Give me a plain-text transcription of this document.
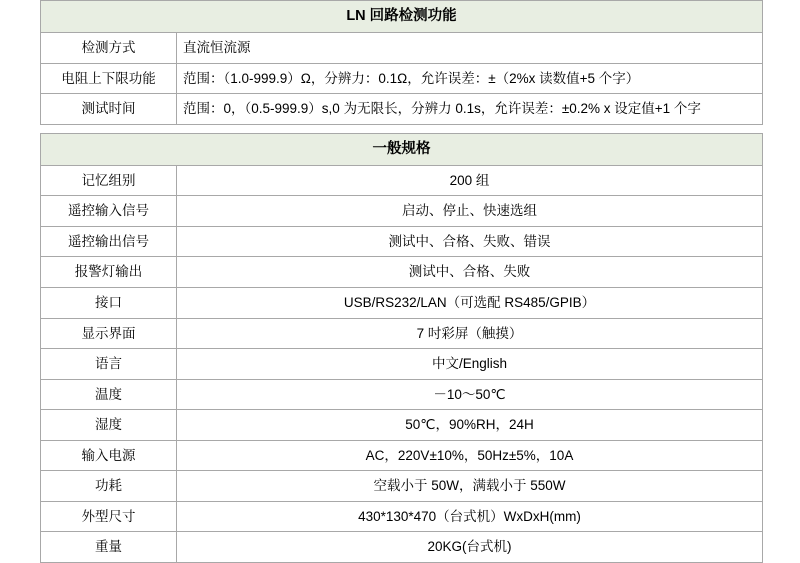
LN 回路检测功能	
检测方式	直流恒流源
电阻上下限功能	范围：（1.0-999.9）Ω，分辨力：0.1Ω，允许误差：±（2%x 读数值+5 个字）
测试时间	范围：0，（0.5-999.9）s,0 为无限长，分辨力 0.1s，允许误差：±0.2% x 设定值+1 个字
一般规格	
记忆组别	200 组
遥控输入信号	启动、停止、快速选组
遥控输出信号	测试中、合格、失败、错误
报警灯输出	测试中、合格、失败
接口	USB/RS232/LAN（可选配 RS485/GPIB）
显示界面	7 吋彩屏（触摸）
语言	中文/English
温度	－10～50℃
湿度	50℃，90%RH，24H
输入电源	AC，220V±10%，50Hz±5%，10A
功耗	空载小于 50W，满载小于 550W
外型尺寸	430*130*470（台式机）WxDxH(mm)
重量	20KG(台式机)
